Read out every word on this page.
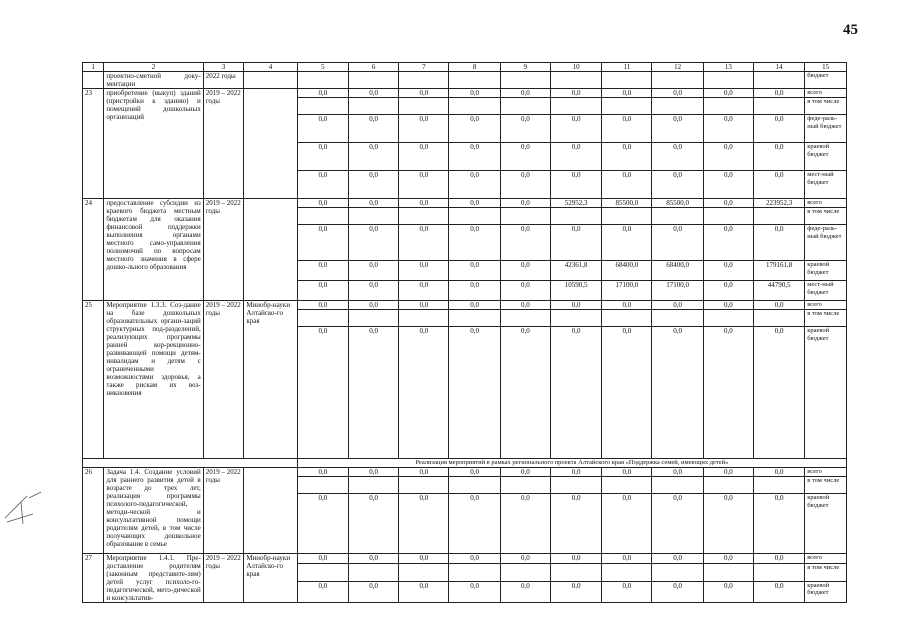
45
1	2	3	4	5	6	7	8	9	10	11	12	13	14	15
	проектно-сметной доку-ментации	2022 годы												бюджет
23	приобретение (выкуп) зданий (пристройки к зданию) и помещений дошкольных организаций	2019 – 2022 годы		0,0	0,0	0,0	0,0	0,0	0,0	0,0	0,0	0,0	0,0	всего
														в том числе
				0,0	0,0	0,0	0,0	0,0	0,0	0,0	0,0	0,0	0,0	феде-раль-ный бюджет
				0,0	0,0	0,0	0,0	0,0	0,0	0,0	0,0	0,0	0,0	краевой бюджет
				0,0	0,0	0,0	0,0	0,0	0,0	0,0	0,0	0,0	0,0	мест-ный бюджет
24	предоставление субсидии из краевого бюджета местным бюджетам для оказания финансовой поддержки выполнения органами местного само-управления полномочий по вопросам местного значения в сфере дошко-льного образования	2019 – 2022 годы		0,0	0,0	0,0	0,0	0,0	52952,3	85500,0	85500,0	0,0	223952,3	всего
														в том числе
				0,0	0,0	0,0	0,0	0,0	0,0	0,0	0,0	0,0	0,0	феде-раль-ный бюджет
				0,0	0,0	0,0	0,0	0,0	42361,8	68400,0	68400,0	0,0	179161,8	краевой бюджет
				0,0	0,0	0,0	0,0	0,0	10590,5	17100,0	17100,0	0,0	44790,5	мест-ный бюджет
25	Мероприятие 1.3.3. Соз-дание на базе дошкольных образовательных органи-заций структурных под-разделений, реализующих программы ранней кор-рекционно-развивающей помощи детям-инвалидам и детям с ограниченными возможностями здоровья, а также рискам их воз-никновения	2019 – 2022 годы	Минобр-науки Алтайско-го края	0,0	0,0	0,0	0,0	0,0	0,0	0,0	0,0	0,0	0,0	всего
														в том числе
				0,0	0,0	0,0	0,0	0,0	0,0	0,0	0,0	0,0	0,0	краевой бюджет
				Реализация мероприятий в рамках регионального проекта Алтайского края «Поддержка семей, имеющих детей»										
26	Задача 1.4. Создание условий для раннего развития детей в возрасте до трех лет, реализация программы психолого-педагогической, методи-ческой и консультативной помощи родителям детей, в том числе получающих дошкольное образование в семье	2019 – 2022 годы		0,0	0,0	0,0	0,0	0,0	0,0	0,0	0,0	0,0	0,0	всего
														в том числе
				0,0	0,0	0,0	0,0	0,0	0,0	0,0	0,0	0,0	0,0	краевой бюджет
27	Мероприятие 1.4.1. Пре-доставление родителям (законным представите-лям) детей услуг психоло-го-педагогической, мето-дической и консультатив-	2019 – 2022 годы	Минобр-науки Алтайско-го края	0,0	0,0	0,0	0,0	0,0	0,0	0,0	0,0	0,0	0,0	всего
														в том числе
				0,0	0,0	0,0	0,0	0,0	0,0	0,0	0,0	0,0	0,0	краевой бюджет
